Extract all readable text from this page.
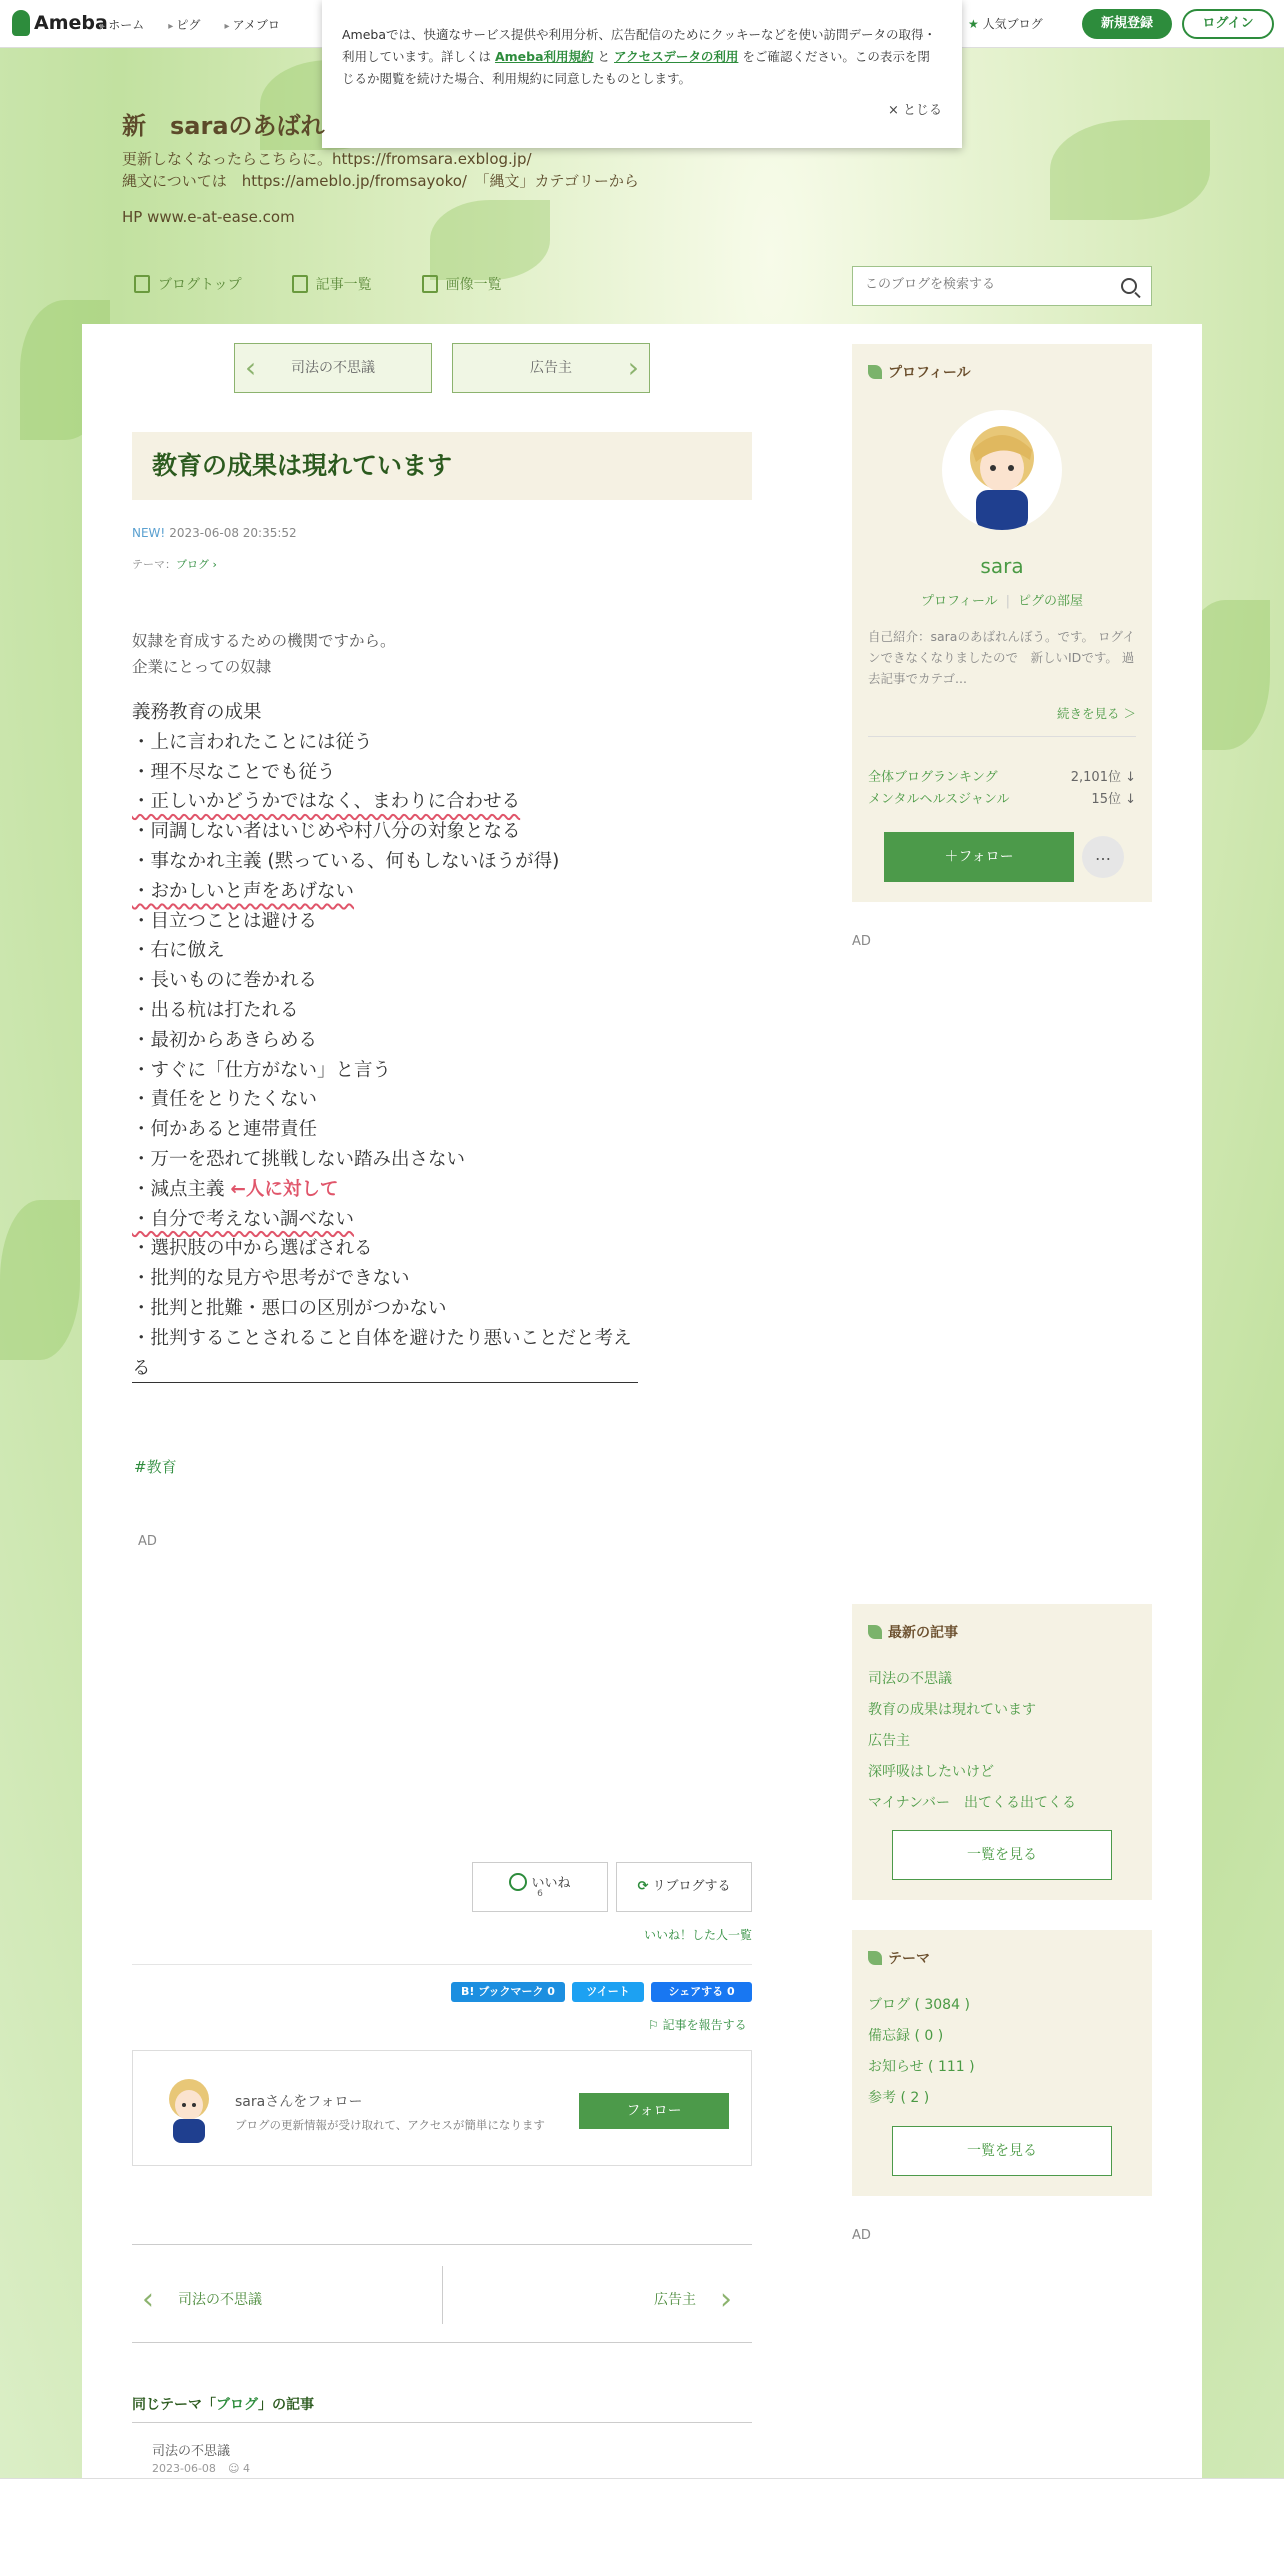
Ameba ▸ ホーム	▸ ピグ	▸ アメブロ	★ 人気ブログ	新規登録	ログイン
Amebaでは、快適なサービス提供や利用分析、広告配信のためにクッキーなどを使い訪問データの取得・利用しています。詳しくは Ameba利用規約 と アクセスデータの利用 をご確認ください。この表示を閉じるか閲覧を続けた場合、利用規約に同意したものとします。
× とじる
新　saraのあばれ
更新しなくなったらこちらに。https://fromsara.exblog.jp/
縄文については　https://ameblo.jp/fromsayoko/　「縄文」カテゴリーから
HP www.e-at-ease.com
ブログトップ	記事一覧	画像一覧
このブログを検索する
‹ 司法の不思議	広告主 ›
教育の成果は現れています
NEW! 2023-06-08 20:35:52
テーマ：ブログ ›
奴隷を育成するための機関ですから。
企業にとっての奴隷
義務教育の成果
・上に言われたことには従う
・理不尽なことでも従う
・正しいかどうかではなく、まわりに合わせる
・同調しない者はいじめや村八分の対象となる
・事なかれ主義 (黙っている、何もしないほうが得)
・おかしいと声をあげない
・目立つことは避ける
・右に倣え
・長いものに巻かれる
・出る杭は打たれる
・最初からあきらめる
・すぐに「仕方がない」と言う
・責任をとりたくない
・何かあると連帯責任
・万一を恐れて挑戦しない踏み出さない
・減点主義 ←人に対して
・自分で考えない調べない
・選択肢の中から選ばされる
・批判的な見方や思考ができない
・批判と批難・悪口の区別がつかない
・批判することされること自体を避けたり悪いことだと考える
#教育
AD
いいね
6	⟳ リブログする
いいね！した人一覧
B! ブックマーク 0	ツイート	シェアする 0
⚐ 記事を報告する
saraさんをフォロー
ブログの更新情報が受け取れて、アクセスが簡単になります
フォロー
‹ 司法の不思議	広告主 ›
同じテーマ「ブログ」の記事
司法の不思議
2023-06-08	☺ 4
プロフィール
sara
プロフィール | ピグの部屋
自己紹介：saraのあばれんぼう。です。 ログインできなくなりましたので　新しいIDです。 過去記事でカテゴ...
続きを見る ＞
全体ブログランキング	2,101位 ↓
メンタルヘルスジャンル	15位 ↓
＋フォロー	…
AD
最新の記事
司法の不思議
教育の成果は現れています
広告主
深呼吸はしたいけど
マイナンバー　出てくる出てくる
一覧を見る
テーマ
ブログ ( 3084 )
備忘録 ( 0 )
お知らせ ( 111 )
参考 ( 2 )
一覧を見る
AD
